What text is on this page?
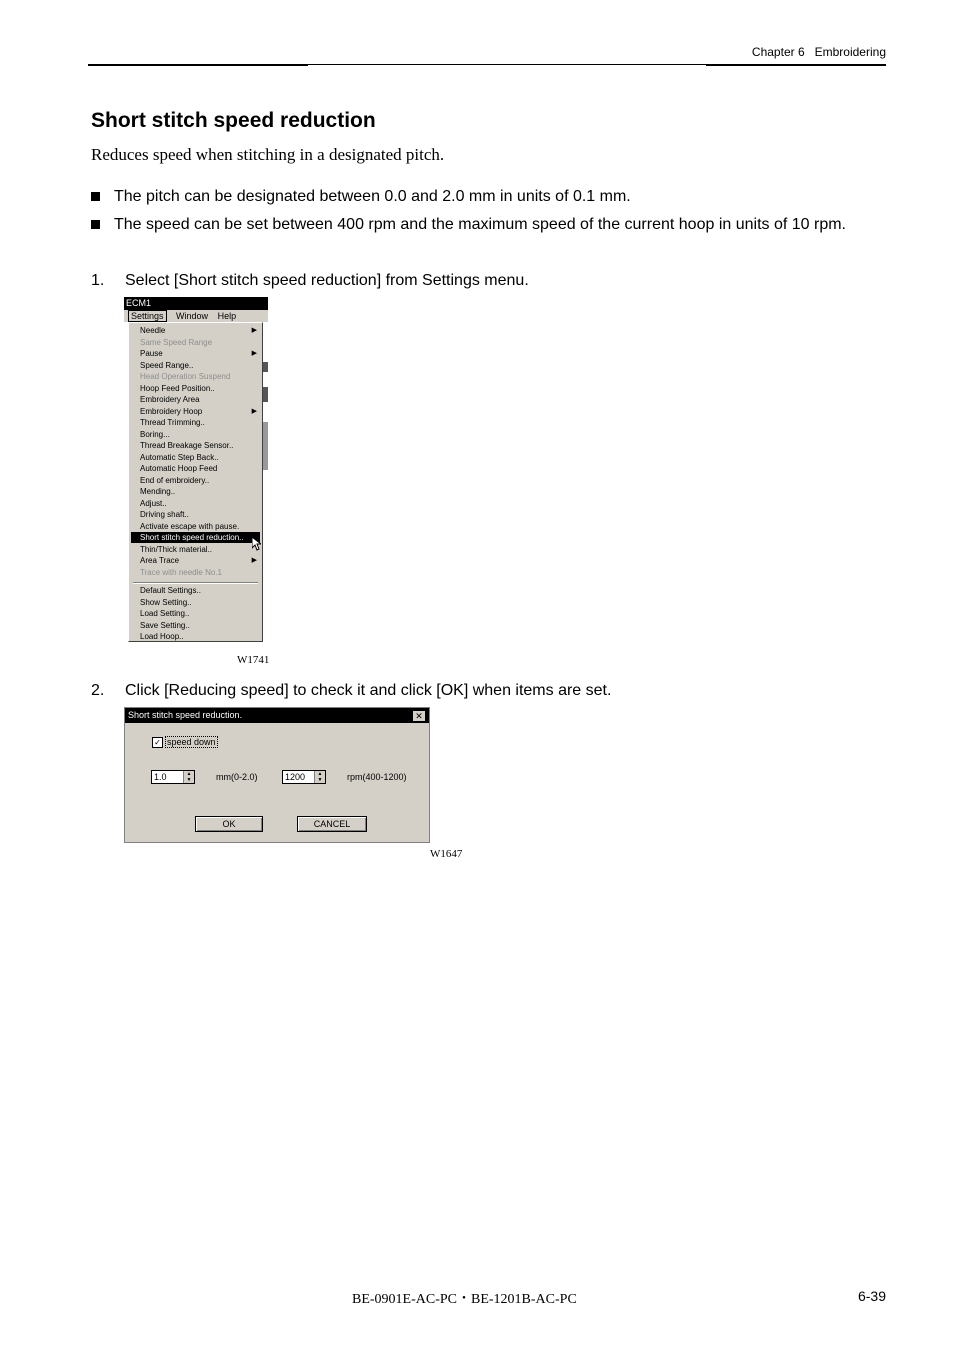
Chapter 6   Embroidering
Short stitch speed reduction
Reduces speed when stitching in a designated pitch.
The pitch can be designated between 0.0 and 2.0 mm in units of 0.1 mm.
The speed can be set between 400 rpm and the maximum speed of the current hoop in units of 10 rpm.
1. Select [Short stitch speed reduction] from Settings menu.
ECM1
Settings Window Help
Needle	▶
Same Speed Range
Pause	▶
Speed Range..
Head Operation Suspend
Hoop Feed Position..
Embroidery Area
Embroidery Hoop	▶
Thread Trimming..
Boring...
Thread Breakage Sensor..
Automatic Step Back..
Automatic Hoop Feed
End of embroidery..
Mending..
Adjust..
Driving shaft..
Activate escape with pause.
Short stitch speed reduction..
Thin/Thick material..
Area Trace	▶
Trace with needle No.1
Default Settings..
Show Setting..
Load Setting..
Save Setting..
Load Hoop..
W1741
2. Click [Reducing speed] to check it and click [OK] when items are set.
Short stitch speed reduction.	✕
✓ speed down
1.0	▲
▼	mm(0-2.0)	1200	▲
▼	rpm(400-1200)
OK	CANCEL
W1647
BE-0901E-AC-PC・BE-1201B-AC-PC	6-39
